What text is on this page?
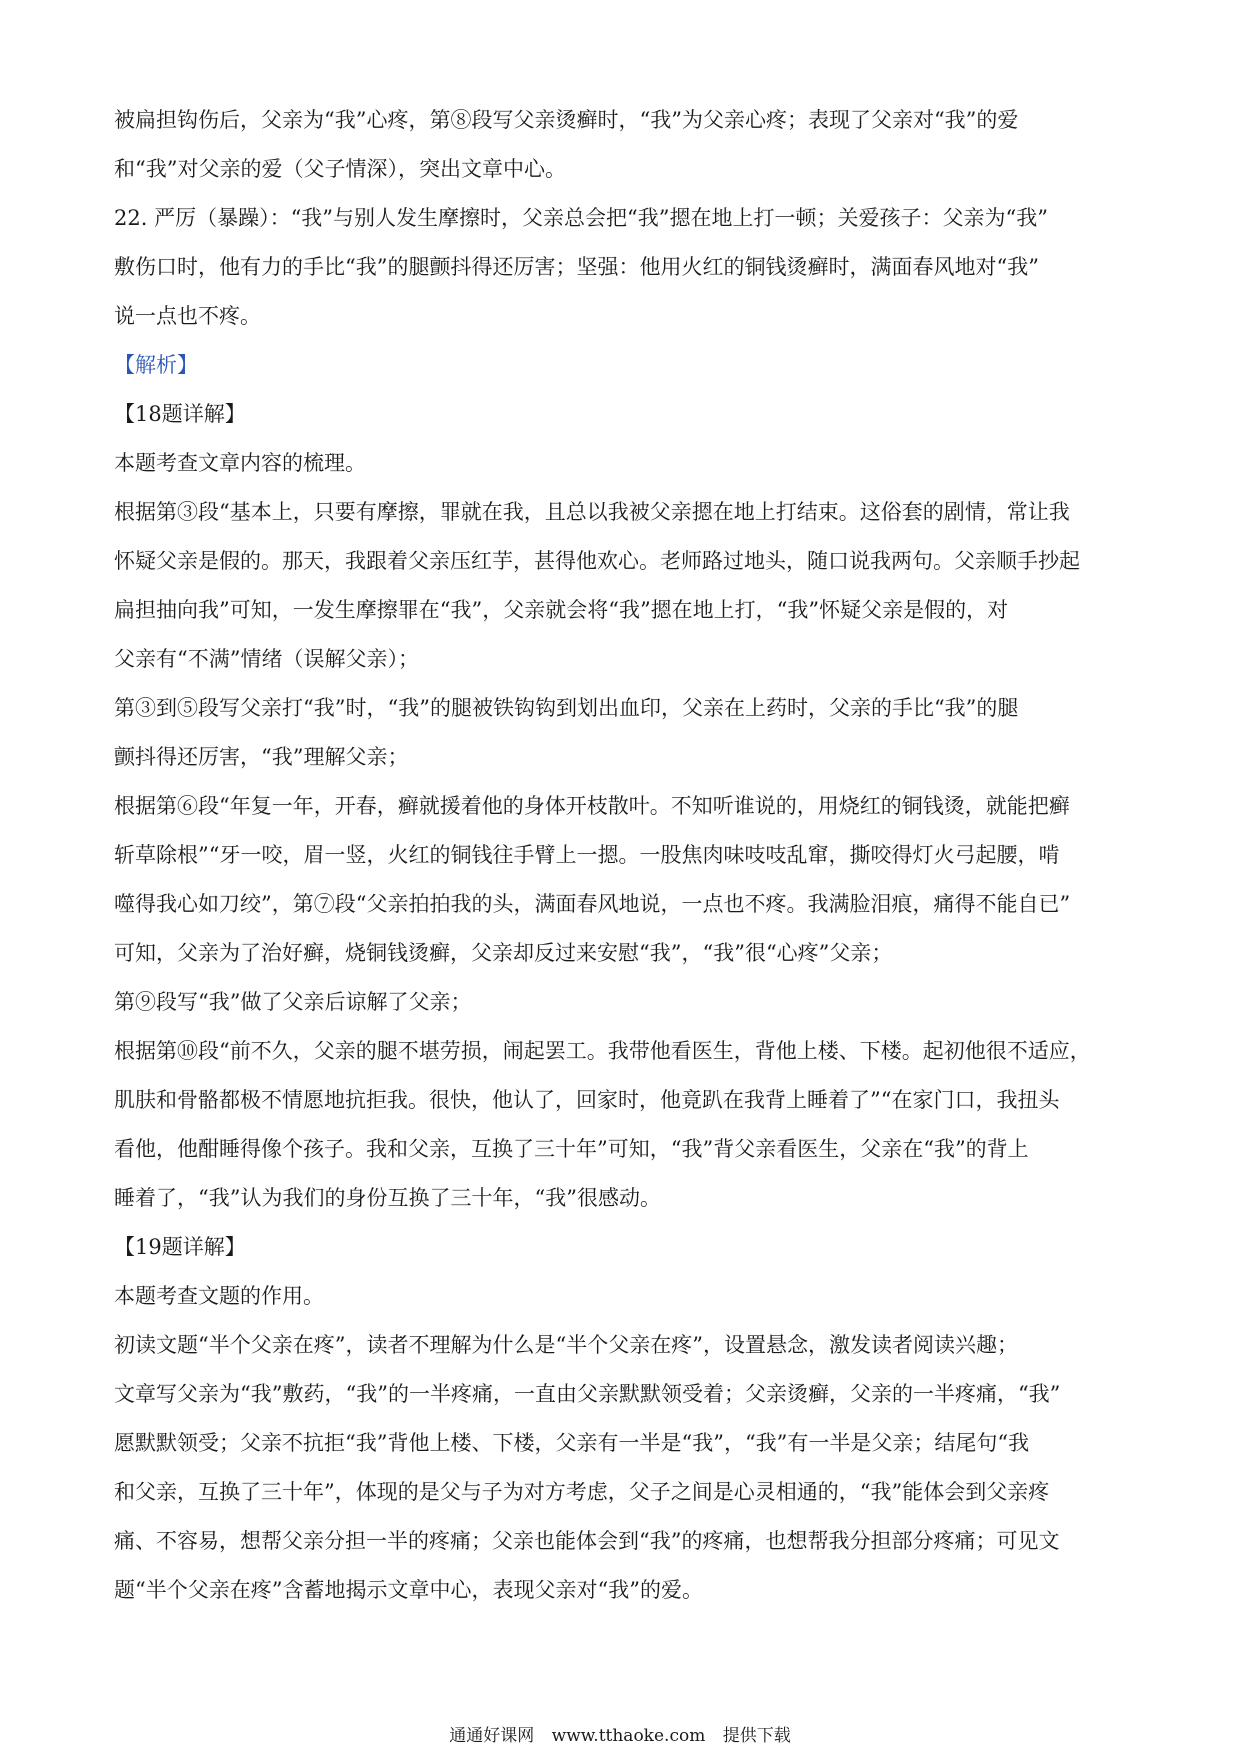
被扁担钩伤后，父亲为“我”心疼，第⑧段写父亲烫癣时，“我”为父亲心疼；表现了父亲对“我”的爱
和“我”对父亲的爱（父子情深），突出文章中心。
22. 严厉（暴躁）：“我”与别人发生摩擦时，父亲总会把“我”摁在地上打一顿；关爱孩子：父亲为“我”
敷伤口时，他有力的手比“我”的腿颤抖得还厉害；坚强：他用火红的铜钱烫癣时，满面春风地对“我”
说一点也不疼。
【解析】
【18题详解】
本题考查文章内容的梳理。
根据第③段“基本上，只要有摩擦，罪就在我，且总以我被父亲摁在地上打结束。这俗套的剧情，常让我
怀疑父亲是假的。那天，我跟着父亲压红芋，甚得他欢心。老师路过地头，随口说我两句。父亲顺手抄起
扁担抽向我”可知，一发生摩擦罪在“我”，父亲就会将“我”摁在地上打，“我”怀疑父亲是假的，对
父亲有“不满”情绪（误解父亲）；
第③到⑤段写父亲打“我”时，“我”的腿被铁钩钩到划出血印，父亲在上药时，父亲的手比“我”的腿
颤抖得还厉害，“我”理解父亲；
根据第⑥段“年复一年，开春，癣就援着他的身体开枝散叶。不知听谁说的，用烧红的铜钱烫，就能把癣
斩草除根”“牙一咬，眉一竖，火红的铜钱往手臂上一摁。一股焦肉味吱吱乱窜，撕咬得灯火弓起腰，啃
噬得我心如刀绞”，第⑦段“父亲拍拍我的头，满面春风地说，一点也不疼。我满脸泪痕，痛得不能自已”
可知，父亲为了治好癣，烧铜钱烫癣，父亲却反过来安慰“我”，“我”很“心疼”父亲；
第⑨段写“我”做了父亲后谅解了父亲；
根据第⑩段“前不久，父亲的腿不堪劳损，闹起罢工。我带他看医生，背他上楼、下楼。起初他很不适应，
肌肤和骨骼都极不情愿地抗拒我。很快，他认了，回家时，他竟趴在我背上睡着了”“在家门口，我扭头
看他，他酣睡得像个孩子。我和父亲，互换了三十年”可知，“我”背父亲看医生，父亲在“我”的背上
睡着了，“我”认为我们的身份互换了三十年，“我”很感动。
【19题详解】
本题考查文题的作用。
初读文题“半个父亲在疼”，读者不理解为什么是“半个父亲在疼”，设置悬念，激发读者阅读兴趣；
文章写父亲为“我”敷药，“我”的一半疼痛，一直由父亲默默领受着；父亲烫癣，父亲的一半疼痛，“我”
愿默默领受；父亲不抗拒“我”背他上楼、下楼，父亲有一半是“我”，“我”有一半是父亲；结尾句“我
和父亲，互换了三十年”，体现的是父与子为对方考虑，父子之间是心灵相通的，“我”能体会到父亲疼
痛、不容易，想帮父亲分担一半的疼痛；父亲也能体会到“我”的疼痛，也想帮我分担部分疼痛；可见文
题“半个父亲在疼”含蓄地揭示文章中心，表现父亲对“我”的爱。
通通好课网 www.tthaoke.com 提供下载
